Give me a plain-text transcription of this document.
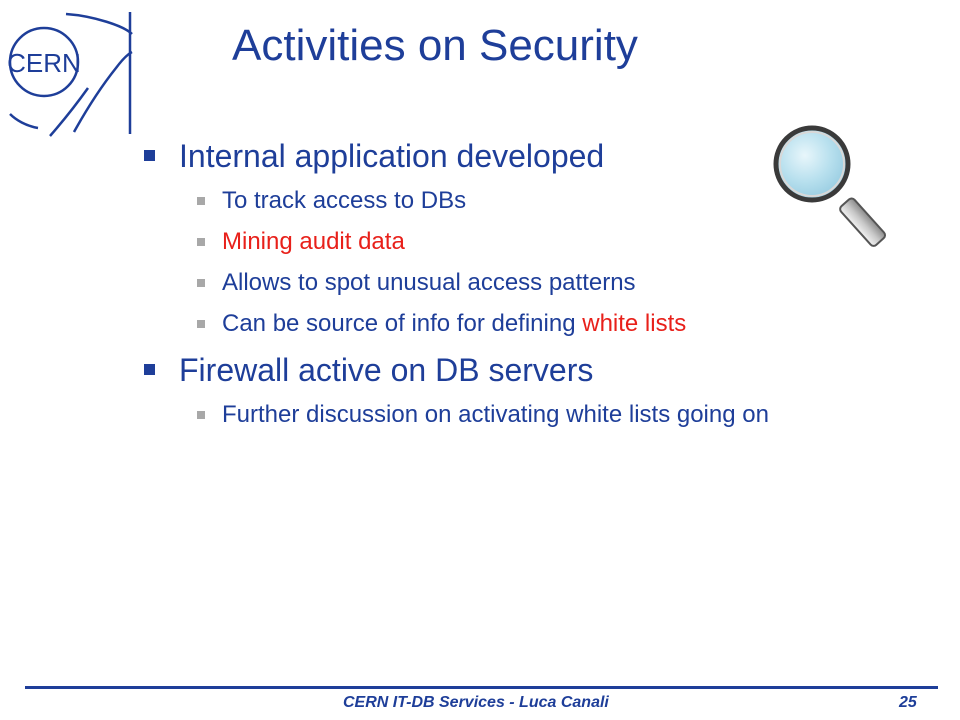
CERN	Activities on Security
Internal application developed
To track access to DBs
Mining audit data
Allows to spot unusual access patterns
Can be source of info for defining white lists
Firewall active on DB servers
Further discussion on activating white lists going on
CERN IT-DB Services - Luca Canali	25
